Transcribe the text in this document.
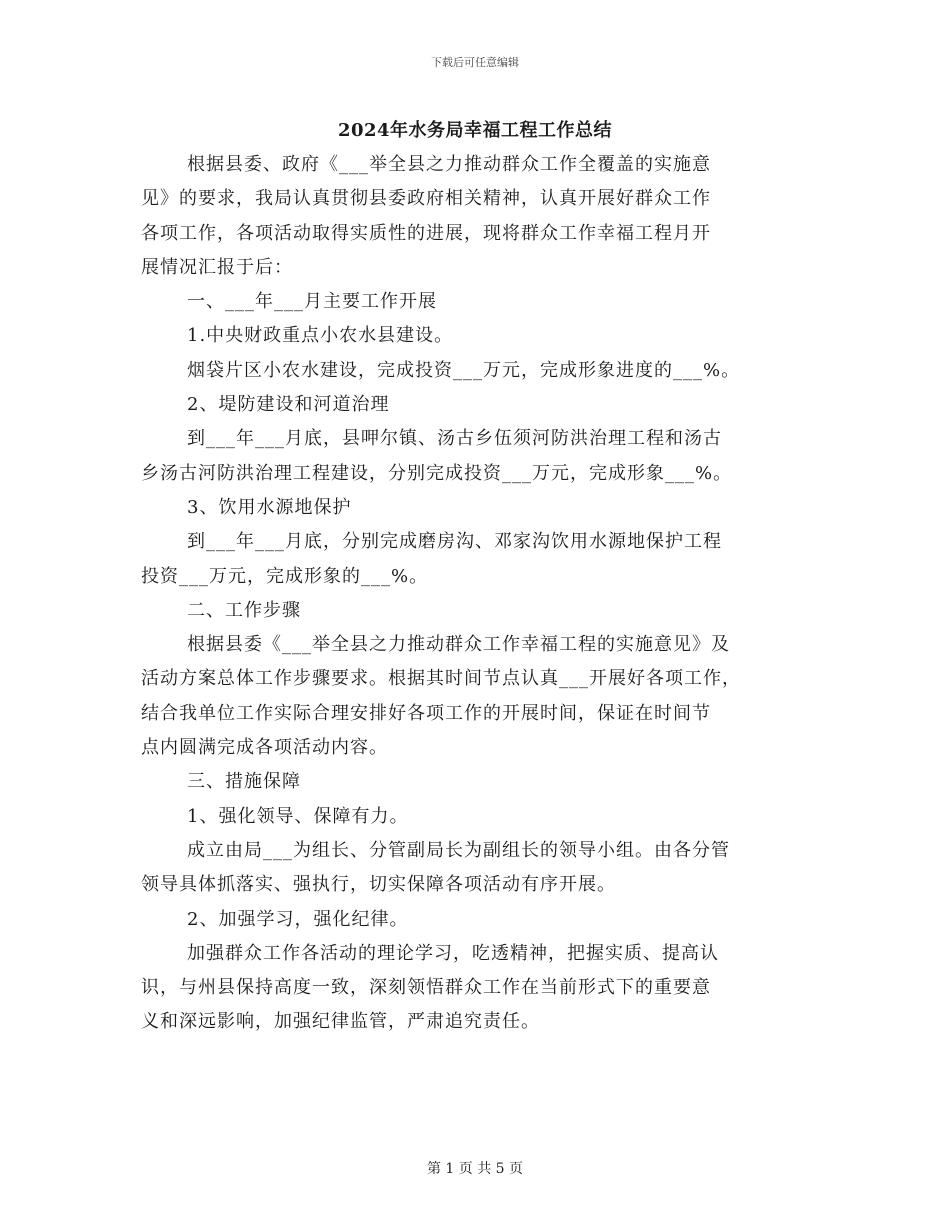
下载后可任意编辑
2024年水务局幸福工程工作总结
根据县委、政府《___举全县之力推动群众工作全覆盖的实施意
见》的要求，我局认真贯彻县委政府相关精神，认真开展好群众工作
各项工作，各项活动取得实质性的进展，现将群众工作幸福工程月开
展情况汇报于后：
一、___年___月主要工作开展
1.中央财政重点小农水县建设。
烟袋片区小农水建设，完成投资___万元，完成形象进度的___%。
2、堤防建设和河道治理
到___年___月底，县呷尔镇、汤古乡伍须河防洪治理工程和汤古
乡汤古河防洪治理工程建设，分别完成投资___万元，完成形象___%。
3、饮用水源地保护
到___年___月底，分别完成磨房沟、邓家沟饮用水源地保护工程
投资___万元，完成形象的___%。
二、工作步骤
根据县委《___举全县之力推动群众工作幸福工程的实施意见》及
活动方案总体工作步骤要求。根据其时间节点认真___开展好各项工作，
结合我单位工作实际合理安排好各项工作的开展时间，保证在时间节
点内圆满完成各项活动内容。
三、措施保障
1、强化领导、保障有力。
成立由局___为组长、分管副局长为副组长的领导小组。由各分管
领导具体抓落实、强执行，切实保障各项活动有序开展。
2、加强学习，强化纪律。
加强群众工作各活动的理论学习，吃透精神，把握实质、提高认
识，与州县保持高度一致，深刻领悟群众工作在当前形式下的重要意
义和深远影响，加强纪律监管，严肃追究责任。
第 1 页 共 5 页
